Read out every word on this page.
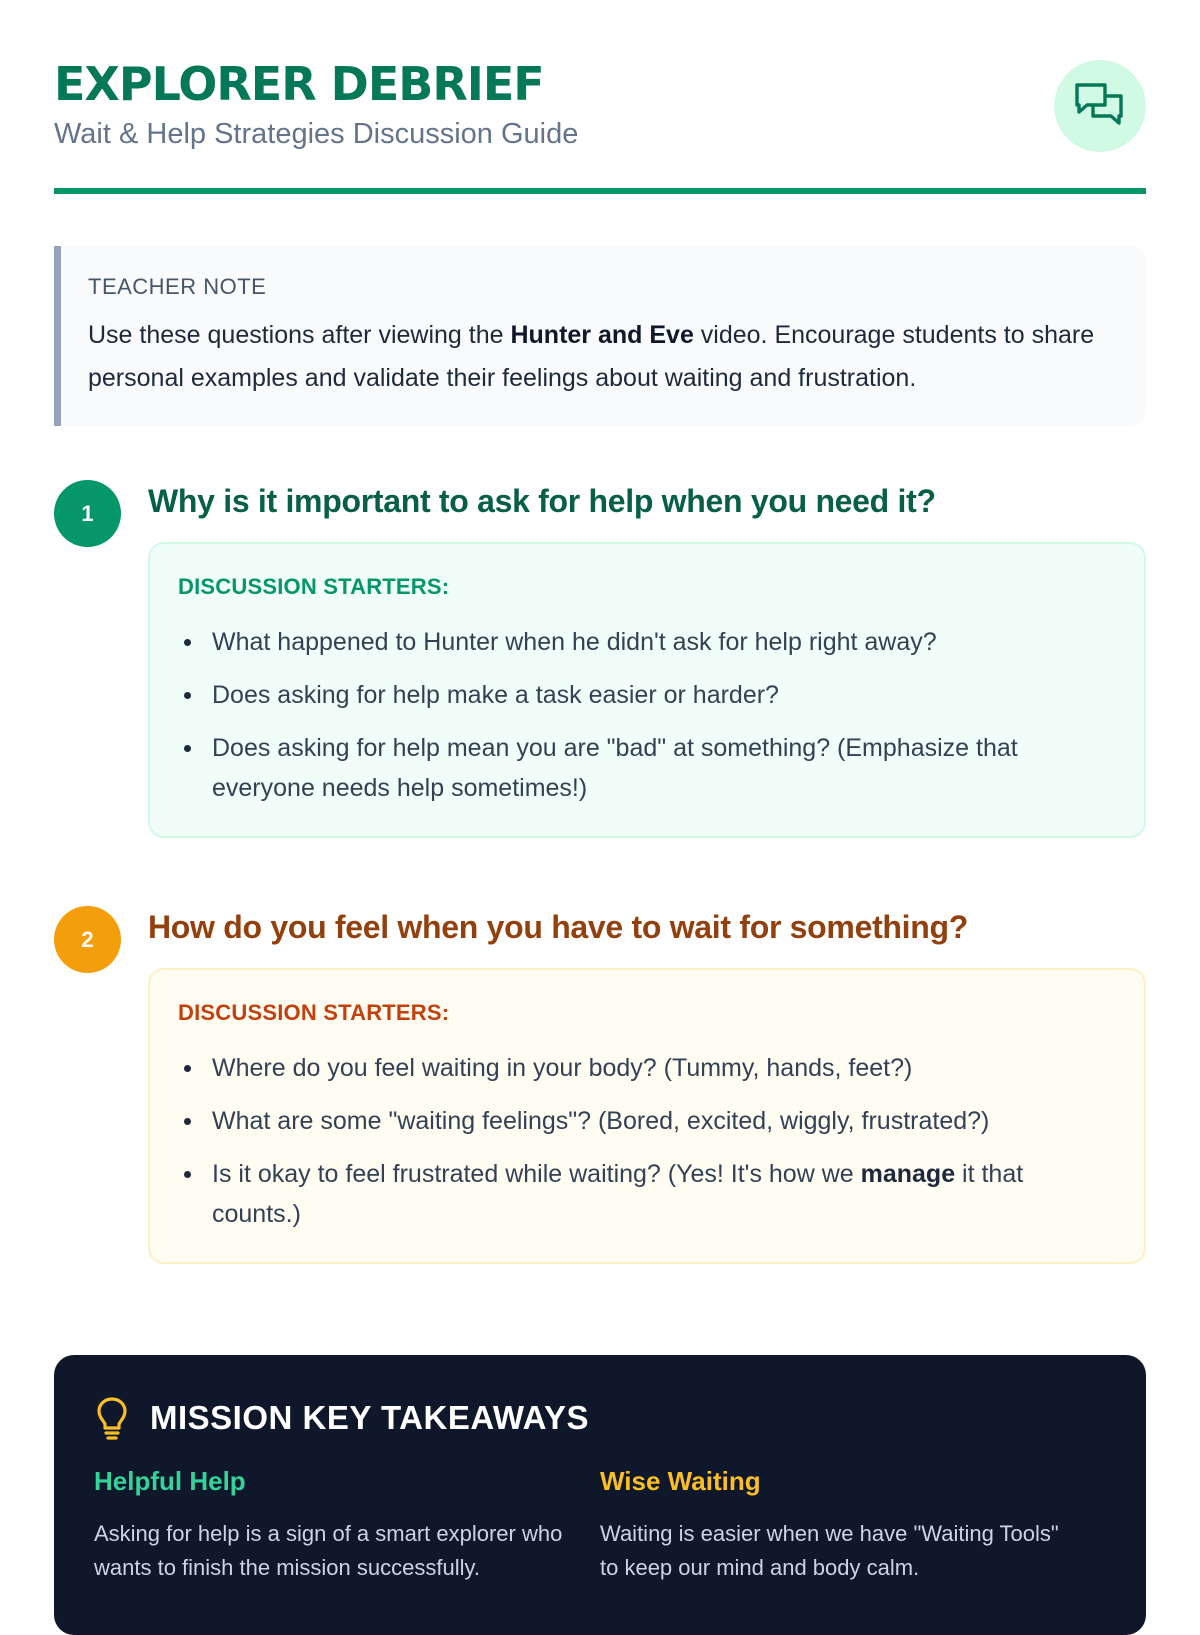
EXPLORER DEBRIEF
Wait & Help Strategies Discussion Guide
TEACHER NOTE

Use these questions after viewing the Hunter and Eve video. Encourage students to share personal examples and validate their feelings about waiting and frustration.

1	Why is it important to ask for help when you need it?
DISCUSSION STARTERS:
What happened to Hunter when he didn't ask for help right away?
Does asking for help make a task easier or harder?
Does asking for help mean you are "bad" at something? (Emphasize that everyone needs help sometimes!)
2	How do you feel when you have to wait for something?
DISCUSSION STARTERS:
Where do you feel waiting in your body? (Tummy, hands, feet?)
What are some "waiting feelings"? (Bored, excited, wiggly, frustrated?)
Is it okay to feel frustrated while waiting? (Yes! It's how we manage it that counts.)
MISSION KEY TAKEAWAYS
Helpful Help

Asking for help is a sign of a smart explorer who wants to finish the mission successfully.

Wise Waiting

Waiting is easier when we have "Waiting Tools" to keep our mind and body calm.
